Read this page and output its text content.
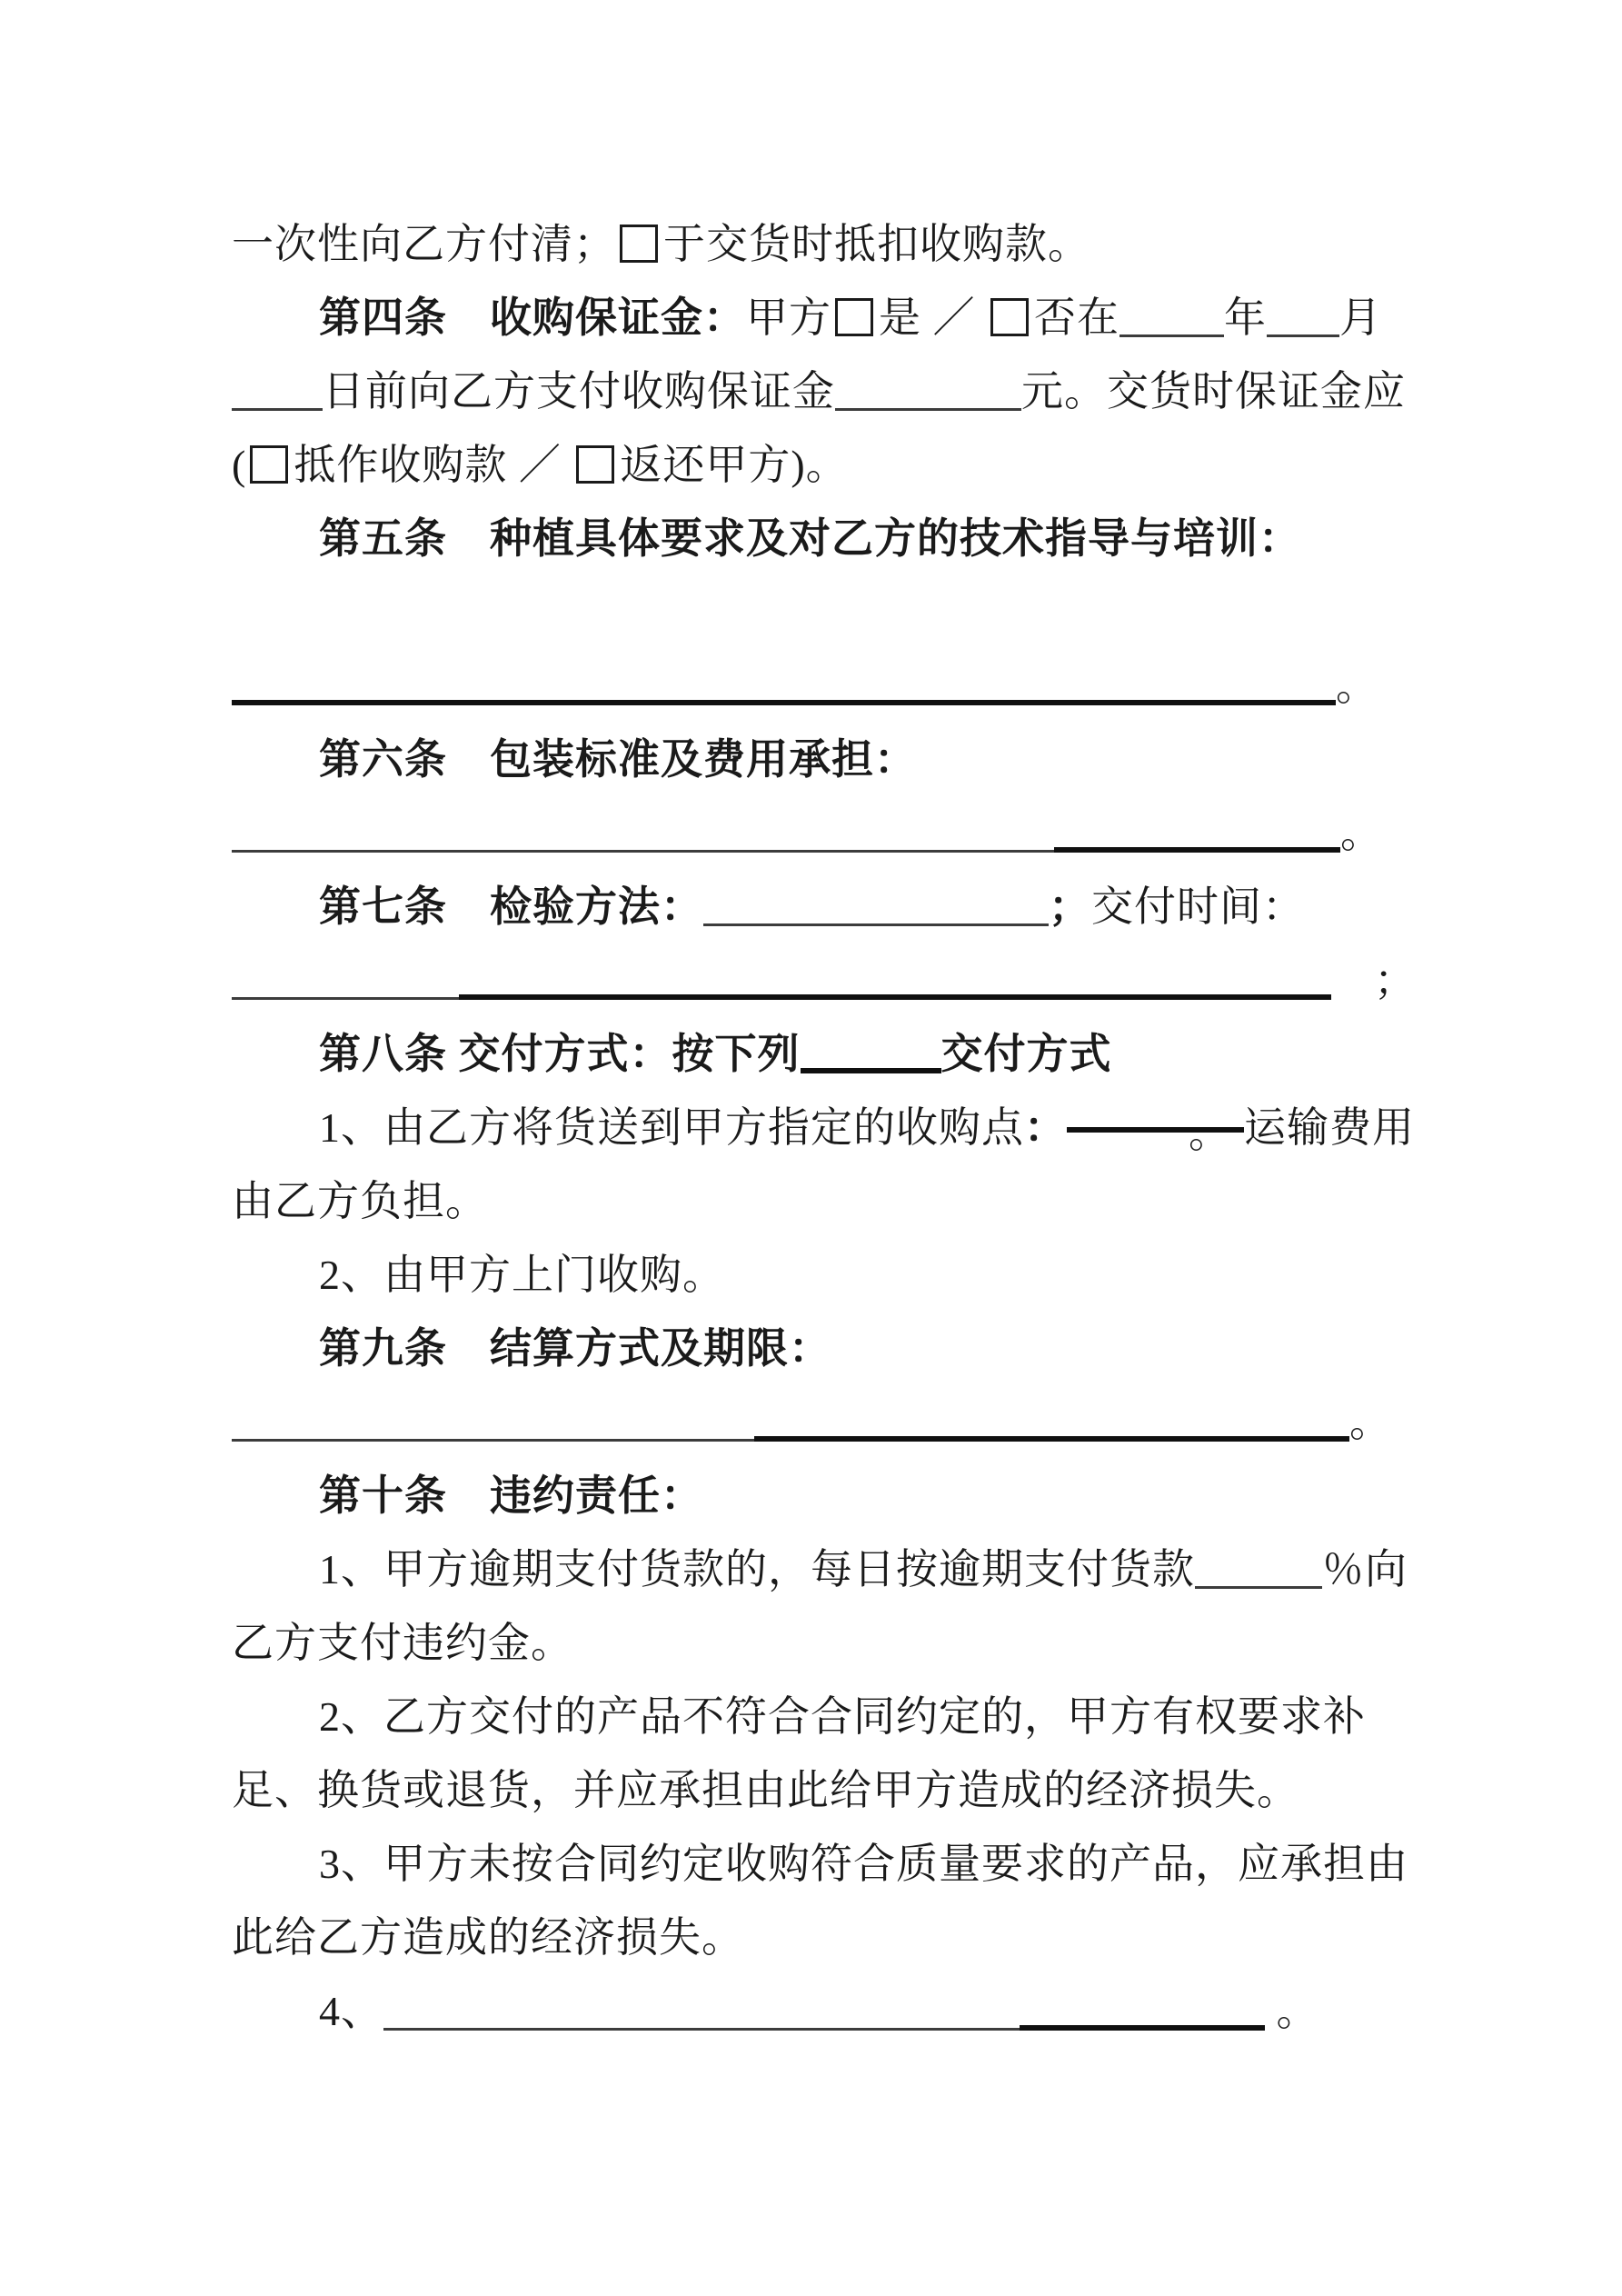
一次性向乙方付清； 于交货时抵扣收购款。
第四条　收购保证金：甲方 是 ／ 否在	年 月
日前向乙方支付收购保证金	元。交货时保证金应
( 抵作收购款 ／ 返还甲方)。
第五条　种植具体要求及对乙方的技术指导与培训：
。
第六条　包装标准及费用承担：
。
第七条　检验方法：	；交付时间：
　；
第八条 交付方式：按下列	交付方式
1、由乙方将货送到甲方指定的收购点：	。 运输费用
由乙方负担。
2、由甲方上门收购。
第九条　结算方式及期限：
。
第十条　违约责任：
1、甲方逾期支付货款的，每日按逾期支付货款	％向
乙方支付违约金。
2、乙方交付的产品不符合合同约定的，甲方有权要求补
足、换货或退货，并应承担由此给甲方造成的经济损失。
3、甲方未按合同约定收购符合质量要求的产品，应承担由
此给乙方造成的经济损失。
4、	。
